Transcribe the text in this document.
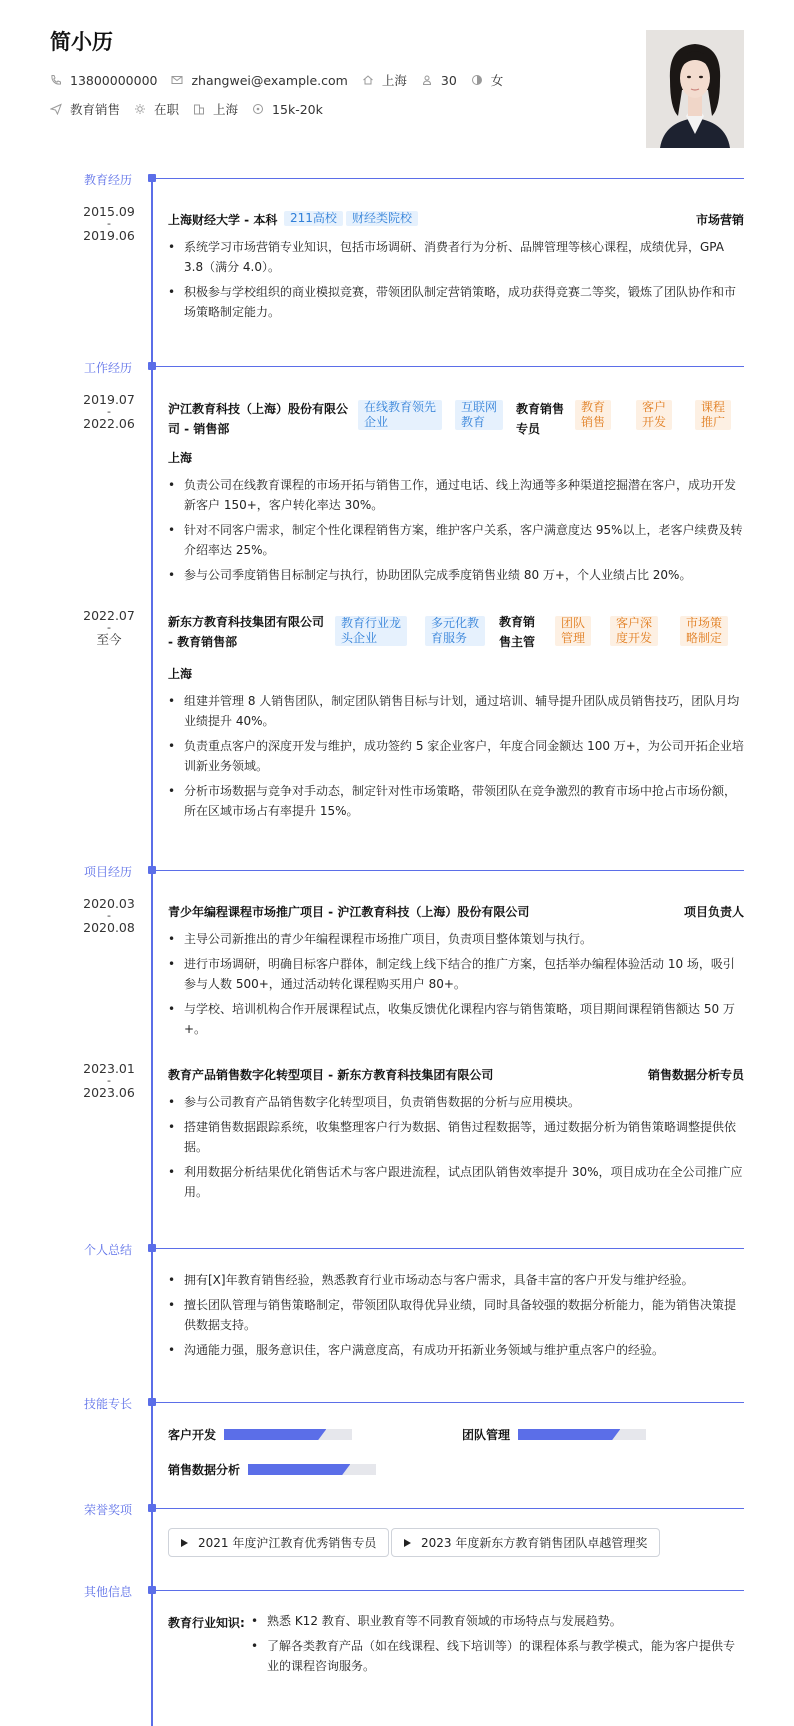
简小历
13800000000	zhangwei@example.com	上海	30	女
教育销售	在职	上海	15k-20k
教育经历
2015.09
-
2019.06
上海财经大学 - 本科	211高校	财经类院校	市场营销
• 系统学习市场营销专业知识，包括市场调研、消费者行为分析、品牌管理等核心课程，成绩优异，GPA 3.8（满分 4.0）。
• 积极参与学校组织的商业模拟竞赛，带领团队制定营销策略，成功获得竞赛二等奖，锻炼了团队协作和市场策略制定能力。
工作经历
2019.07
-
2022.06
沪江教育科技（上海）股份有限公
司 - 销售部
在线教育领先
企业
互联网
教育
教育销售
专员
教育
销售
客户
开发
课程
推广
上海
• 负责公司在线教育课程的市场开拓与销售工作，通过电话、线上沟通等多种渠道挖掘潜在客户，成功开发新客户 150+，客户转化率达 30%。
• 针对不同客户需求，制定个性化课程销售方案，维护客户关系，客户满意度达 95%以上，老客户续费及转介绍率达 25%。
• 参与公司季度销售目标制定与执行，协助团队完成季度销售业绩 80 万+，个人业绩占比 20%。
2022.07
-
至今
新东方教育科技集团有限公司
- 教育销售部
教育行业龙
头企业
多元化教
育服务
教育销
售主管
团队
管理
客户深
度开发
市场策
略制定
上海
• 组建并管理 8 人销售团队，制定团队销售目标与计划，通过培训、辅导提升团队成员销售技巧，团队月均业绩提升 40%。
• 负责重点客户的深度开发与维护，成功签约 5 家企业客户，年度合同金额达 100 万+，为公司开拓企业培训新业务领域。
• 分析市场数据与竞争对手动态，制定针对性市场策略，带领团队在竞争激烈的教育市场中抢占市场份额，所在区域市场占有率提升 15%。
项目经历
2020.03
-
2020.08
青少年编程课程市场推广项目 - 沪江教育科技（上海）股份有限公司	项目负责人
• 主导公司新推出的青少年编程课程市场推广项目，负责项目整体策划与执行。
• 进行市场调研，明确目标客户群体，制定线上线下结合的推广方案，包括举办编程体验活动 10 场，吸引参与人数 500+，通过活动转化课程购买用户 80+。
• 与学校、培训机构合作开展课程试点，收集反馈优化课程内容与销售策略，项目期间课程销售额达 50 万+。
2023.01
-
2023.06
教育产品销售数字化转型项目 - 新东方教育科技集团有限公司	销售数据分析专员
• 参与公司教育产品销售数字化转型项目，负责销售数据的分析与应用模块。
• 搭建销售数据跟踪系统，收集整理客户行为数据、销售过程数据等，通过数据分析为销售策略调整提供依据。
• 利用数据分析结果优化销售话术与客户跟进流程，试点团队销售效率提升 30%，项目成功在全公司推广应用。
个人总结
• 拥有[X]年教育销售经验，熟悉教育行业市场动态与客户需求，具备丰富的客户开发与维护经验。
• 擅长团队管理与销售策略制定，带领团队取得优异业绩，同时具备较强的数据分析能力，能为销售决策提供数据支持。
• 沟通能力强，服务意识佳，客户满意度高，有成功开拓新业务领域与维护重点客户的经验。
技能专长
客户开发	团队管理
销售数据分析
荣誉奖项
2021 年度沪江教育优秀销售专员	2023 年度新东方教育销售团队卓越管理奖
其他信息
教育行业知识:
•	熟悉 K12 教育、职业教育等不同教育领域的市场特点与发展趋势。
• 了解各类教育产品（如在线课程、线下培训等）的课程体系与教学模式，能为客户提供专业的课程咨询服务。
